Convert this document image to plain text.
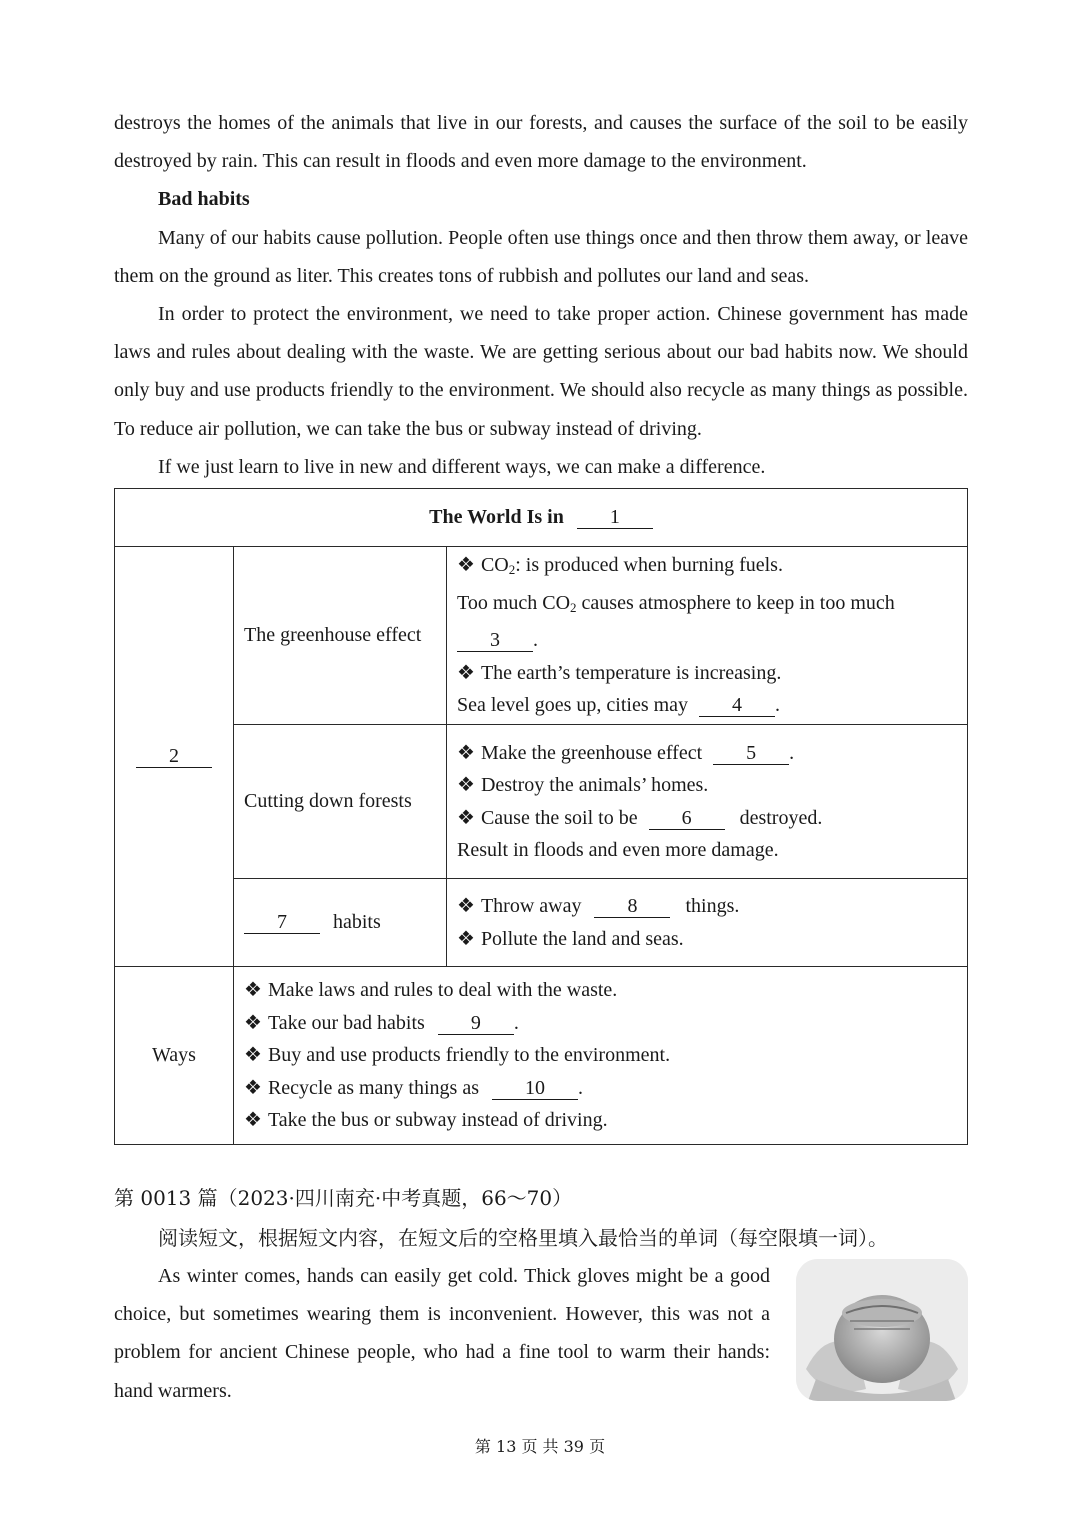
destroys the homes of the animals that live in our forests, and causes the surface of the soil to be easily destroyed by rain. This can result in floods and even more damage to the environment.

Bad habits

Many of our habits cause pollution. People often use things once and then throw them away, or leave them on the ground as liter. This creates tons of rubbish and pollutes our land and seas.

In order to protect the environment, we need to take proper action. Chinese government has made laws and rules about dealing with the waste. We are getting serious about our bad habits now. We should only buy and use products friendly to the environment. We should also recycle as many things as possible. To reduce air pollution, we can take the bus or subway instead of driving.

If we just learn to live in new and different ways, we can make a difference.

The World Is in 1		
2	The greenhouse effect	❖ $CO_2$: is produced when burning fuels.
Too much $CO_2$ causes atmosphere to keep in too much
3 .
❖ The earth’s temperature is increasing.
Sea level goes up, cities may 4 .

	Cutting down forests	❖ Make the greenhouse effect 5 .
❖ Destroy the animals’ homes.
❖ Cause the soil to be 6 destroyed.
Result in floods and even more damage.

	7 habits	❖ Throw away 8 things.
❖ Pollute the land and seas.

Ways	❖ Make laws and rules to deal with the waste.
❖ Take our bad habits 9 .
❖ Buy and use products friendly to the environment.
❖ Recycle as many things as 10 .
❖ Take the bus or subway instead of driving.	
第 0013 篇（2023·四川南充·中考真题，66～70）

阅读短文，根据短文内容，在短文后的空格里填入最恰当的单词（每空限填一词）。

As winter comes, hands can easily get cold. Thick gloves might be a good choice, but sometimes wearing them is inconvenient. However, this was not a problem for ancient Chinese people, who had a fine tool to warm their hands: hand warmers.

第 13 页 共 39 页
